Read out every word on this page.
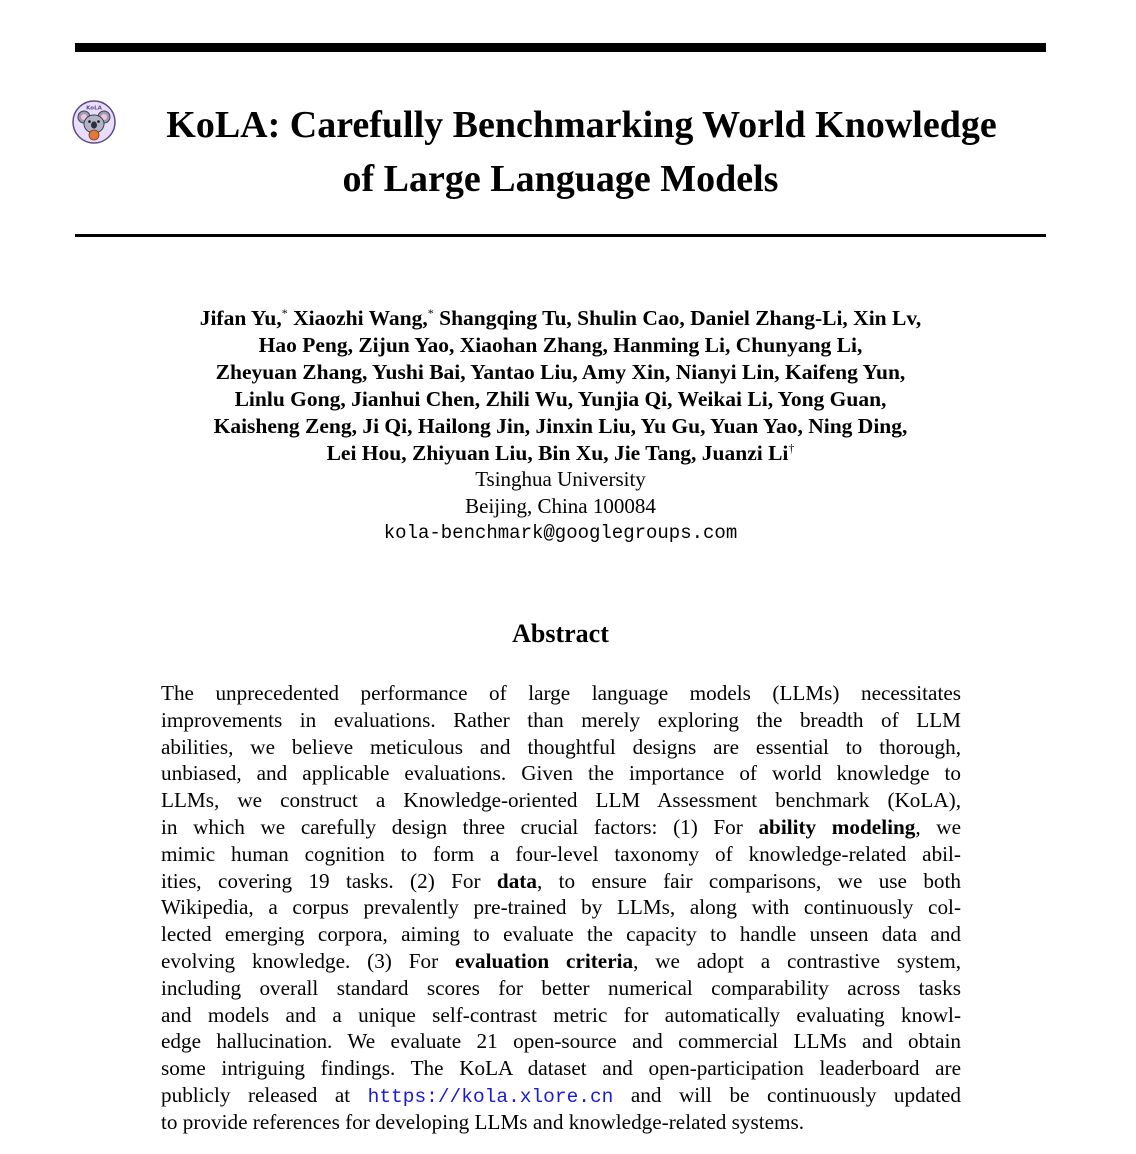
KoLA	KoLA: Carefully Benchmarking World Knowledge
of Large Language Models
Jifan Yu,* Xiaozhi Wang,* Shangqing Tu, Shulin Cao, Daniel Zhang-Li, Xin Lv,
Hao Peng, Zijun Yao, Xiaohan Zhang, Hanming Li, Chunyang Li,
Zheyuan Zhang, Yushi Bai, Yantao Liu, Amy Xin, Nianyi Lin, Kaifeng Yun,
Linlu Gong, Jianhui Chen, Zhili Wu, Yunjia Qi, Weikai Li, Yong Guan,
Kaisheng Zeng, Ji Qi, Hailong Jin, Jinxin Liu, Yu Gu, Yuan Yao, Ning Ding,
Lei Hou, Zhiyuan Liu, Bin Xu, Jie Tang, Juanzi Li†
Tsinghua University
Beijing, China 100084
kola-benchmark@googlegroups.com
Abstract
The unprecedented performance of large language models (LLMs) necessitates
improvements in evaluations. Rather than merely exploring the breadth of LLM
abilities, we believe meticulous and thoughtful designs are essential to thorough,
unbiased, and applicable evaluations. Given the importance of world knowledge to
LLMs, we construct a Knowledge-oriented LLM Assessment benchmark (KoLA),
in which we carefully design three crucial factors: (1) For ability modeling, we
mimic human cognition to form a four-level taxonomy of knowledge-related abil-
ities, covering 19 tasks. (2) For data, to ensure fair comparisons, we use both
Wikipedia, a corpus prevalently pre-trained by LLMs, along with continuously col-
lected emerging corpora, aiming to evaluate the capacity to handle unseen data and
evolving knowledge. (3) For evaluation criteria, we adopt a contrastive system,
including overall standard scores for better numerical comparability across tasks
and models and a unique self-contrast metric for automatically evaluating knowl-
edge hallucination. We evaluate 21 open-source and commercial LLMs and obtain
some intriguing findings. The KoLA dataset and open-participation leaderboard are
publicly released at https://kola.xlore.cn and will be continuously updated
to provide references for developing LLMs and knowledge-related systems.
